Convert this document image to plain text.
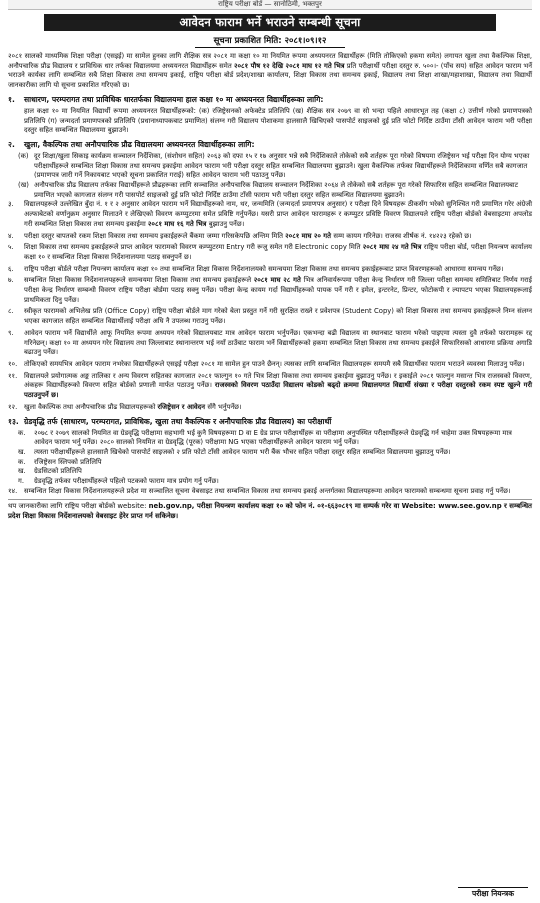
राष्ट्रिय परीक्षा बोर्ड — सानोठिमी, भक्तपुर
आवेदन फाराम भर्ने भराउने सम्बन्धी सूचना
सूचना प्रकाशित मिति: २०८१।०९।१२

२०८१ सालको माध्यमिक शिक्षा परीक्षा (एसइई) मा सामेल हुनका लागि शैक्षिक सत्र २०८१ मा कक्षा १० मा नियमित रूपमा अध्ययनरत विद्यार्थीहरू (मिति तोकिएको हकमा समेत) लगायत खुला तथा वैकल्पिक शिक्षा, अनौपचारिक प्रौढ विद्यालय र प्राविधिक धार तर्फका विद्यालयमा अध्ययनरत विद्यार्थीहरू समेत २०८१ पौष १२ देखि २०८१ माघ १२ गते भित्र प्रति परीक्षार्थी परीक्षा दस्तुर रु. ५००।- (पाँच सय) सहित आवेदन फाराम भर्ने भराउने कार्यका लागि सम्बन्धित सबै शिक्षा विकास तथा समन्वय इकाई, राष्ट्रिय परीक्षा बोर्ड प्रदेश/शाखा कार्यालय, शिक्षा विकास तथा समन्वय इकाई, विद्यालय तथा शिक्षा शाखा/महाशाखा, विद्यालय तथा विद्यार्थी जानकारीका लागि यो सूचना प्रकाशित गरिएको छ।

१.	साधारण, परम्परागत तथा प्राविधिक धारतर्फका विद्यालयमा हाल कक्षा १० मा अध्ययनरत विद्यार्थीहरूका लागि:
हाल कक्षा १० मा नियमित विद्यार्थी रूपमा अध्ययनरत विद्यार्थीहरूको: (क) रजिष्ट्रेसनको अफेक्टेड प्रतिलिपि (ख) शैक्षिक सत्र २०७९ वा सो भन्दा पहिले आधारभूत तह (कक्षा ८) उत्तीर्ण गरेको प्रमाणपत्रको प्रतिलिपि (ग) जन्मदर्ता प्रमाणपत्रको प्रतिलिपि (प्रधानाध्यापकबाट प्रमाणित) संलग्न गरी विद्यालय पोशाकमा हालसालै खिचिएको पासपोर्ट साइजको दुई प्रति फोटो निर्दिष्ट ठाउँमा टाँसी आवेदन फाराम भरी परीक्षा दस्तुर सहित सम्बन्धित विद्यालयमा बुझाउने।
२.	खुला, वैकल्पिक तथा अनौपचारिक प्रौढ विद्यालयमा अध्ययनरत विद्यार्थीहरूका लागि:
(क) दूर शिक्षा/खुला सिकाइ कार्यक्रम सञ्चालन निर्देशिका, (संशोधन सहित) २०६३ को दफा १५ र १७ अनुसार भन्ने सबै निर्देशिकाले तोकेको सबै शर्तहरू पूरा गरेको विषयमा रजिष्ट्रेसन भई परीक्षा दिन योग्य भएका परीक्षार्थीहरूले सम्बन्धित शिक्षा विकास तथा समन्वय इकाईमा आवेदन फाराम भरी परीक्षा दस्तुर सहित सम्बन्धित विद्यालयमा बुझाउने। खुला वैकल्पिक तर्फका विद्यार्थीहरूले निर्देशिकामा वर्णित सबै कागजात (प्रमाणपत्र जारी गर्ने निकायबाट भएको सूचना प्रकाशित गराई) सहित आवेदन फाराम भरी पठाउनु पर्नेछ।
(ख) अनौपचारिक प्रौढ विद्यालय तर्फका विद्यार्थीहरूले प्रौढहरूका लागि सञ्चालित अनौपचारिक विद्यालय सञ्चालन निर्देशिका २०६४ ले तोकेको सबै शर्तहरू पूरा गरेको सिफारिस सहित सम्बन्धित विद्यालयबाट प्रमाणित भएको कागजात संलग्न गरी पासपोर्ट साइजको दुई प्रति फोटो निर्दिष्ट ठाउँमा टाँसी फाराम भरी परीक्षा दस्तुर सहित सम्बन्धित विद्यालयमा बुझाउने।
३.	विद्यालयहरूले उल्लेखित बुँदा नं. १ र २ अनुसार आवेदन फाराम भर्ने विद्यार्थीहरूको नाम, थर, जन्ममिति (जन्मदर्ता प्रमाणपत्र अनुसार) र परीक्षा दिने विषयहरू ठीकसँग भरेको सुनिश्चित गरी प्रमाणित गरेर अंग्रेजी अल्फाबेटको वर्णानुक्रम अनुसार मिलाउने र लेखिएको विवरण कम्प्युटरमा समेत प्रविष्टि गर्नुपर्नेछ। यसरी प्राप्त आवेदन फारामहरू र कम्प्युटर प्रविष्टि विवरण विद्यालयले राष्ट्रिय परीक्षा बोर्डको वेबसाइटमा अपलोड गरी सम्बन्धित शिक्षा विकास तथा समन्वय इकाईमा २०८१ माघ १६ गते भित्र बुझाउनु पर्नेछ।
४.	परीक्षा दस्तुर बापतको रकम शिक्षा विकास तथा समन्वय इकाईहरूले बैंकमा जम्मा गरिसकेपछि अन्तिम मिति २०८१ माघ २० गते सम्म कायम गरिनेछ। राजस्व शीर्षक नं. १४२२३ रहेको छ।
५.	शिक्षा विकास तथा समन्वय इकाईहरूले प्राप्त आवेदन फारामको विवरण कम्प्युटरमा Entry गरी रूजु समेत गरी Electronic copy मिति २०८१ माघ २४ गते भित्र राष्ट्रिय परीक्षा बोर्ड, परीक्षा नियन्त्रण कार्यालय कक्षा १० र सम्बन्धित शिक्षा विकास निर्देशनालयमा पठाइ सक्नुपर्ने छ।
६.	राष्ट्रिय परीक्षा बोर्डले परीक्षा नियन्त्रण कार्यालय कक्षा १० तथा सम्बन्धित शिक्षा विकास निर्देशनालयको समन्वयमा शिक्षा विकास तथा समन्वय इकाईहरूबाट प्राप्त विवरणहरूको आधारमा समन्वय गर्नेछ।
७.	सम्बन्धित शिक्षा विकास निर्देशनालयहरूले समन्वयमा शिक्षा विकास तथा समन्वय इकाईहरूले २०८१ माघ २८ गते भित्र अनिवार्यरूपमा परीक्षा केन्द्र निर्धारण गरी जिल्ला परीक्षा समन्वय समितिबाट निर्णय गराई परीक्षा केन्द्र निर्धारण सम्बन्धी विवरण राष्ट्रिय परीक्षा बोर्डमा पठाइ सक्नु पर्नेछ। परीक्षा केन्द्र कायम गर्दा विद्यार्थीहरूको पायक पर्ने गरी र इमेल, इन्टरनेट, प्रिन्टर, फोटोकपी र ल्यापटप भएका विद्यालयहरूलाई प्राथमिकता दिनु पर्नेछ।
८.	स्वीकृत फारामको अभिलेख प्रति (Office Copy) राष्ट्रिय परीक्षा बोर्डले माग गरेको बेला प्रस्तुत गर्ने गरी सुरक्षित राख्ने र प्रवेशपत्र (Student Copy) को शिक्षा विकास तथा समन्वय इकाईहरूले निम्न संलग्न भएका कागजात सहित सम्बन्धित विद्यार्थीलाई परीक्षा अघि नै उपलब्ध गराउनु पर्नेछ।
९.	आवेदन फाराम भर्ने विद्यार्थीले आफू नियमित रूपमा अध्ययन गरेको विद्यालयबाट मात्र आवेदन फाराम भर्नुपर्नेछ। एकभन्दा बढी विद्यालय वा स्थानबाट फाराम भरेको पाइएमा त्यस्ता दुवै तर्फको फारामहरू रद्द गरिनेछन्। कक्षा १० मा अध्ययन गरेर विद्यालय तथा जिल्लाबाट स्थानान्तरण भई नयाँ ठाउँबाट फाराम भर्ने विद्यार्थीहरूको हकमा सम्बन्धित शिक्षा विकास तथा समन्वय इकाईले सिफारिसको आधारमा प्रक्रिया अगाडि बढाउनु पर्नेछ।
१०. तोकिएको समयभित्र आवेदन फाराम नभरेका विद्यार्थीहरूले एसइई परीक्षा २०८१ मा सामेल हुन पाउने छैनन्। त्यसका लागि सम्बन्धित विद्यालयहरू समयमै सबै विद्यार्थीका फाराम भराउने व्यवस्था मिलाउनु पर्नेछ।
११. विद्यालयले प्रयोगात्मक अङ्क तालिका र अन्य विवरण सहितका कागजात २०८१ फाल्गुन १० गते भित्र शिक्षा विकास तथा समन्वय इकाईमा बुझाउनु पर्नेछ। र इकाईले २०८१ फाल्गुन मसान्त भित्र राजस्वको विवरण, अंकहरू विद्यार्थीहरूको विवरण सहित बोर्डको प्रणाली मार्फत पठाउनु पर्नेछ। राजस्वको विवरण पठाउँदा विद्यालय कोडको बढ्दो क्रममा विद्यालयगत विद्यार्थी संख्या र परीक्षा दस्तुरको रकम स्पष्ट खुल्ने गरी पठाउनुपर्ने छ।
१२. खुला वैकल्पिक तथा अनौपचारिक प्रौढ विद्यालयहरूको रजिष्ट्रेसन र आवेदन सँगै भर्नुपर्नेछ।
१३. ग्रेडवृद्धि तर्फ (साधारण, परम्परागत, प्राविधिक, खुला तथा वैकल्पिक र अनौपचारिक प्रौढ विद्यालय) का परीक्षार्थी
क.	२०७८ र २०७९ सालको नियमित वा ग्रेडवृद्धि परीक्षामा सहभागी भई कुनै विषयहरूमा D वा E ग्रेड प्राप्त परीक्षार्थीहरू वा परीक्षामा अनुपस्थित परीक्षार्थीहरूले ग्रेडवृद्धि गर्न चाहेमा उक्त विषयहरूमा मात्र आवेदन फाराम भर्नु पर्नेछ। २०८० सालको नियमित वा ग्रेडवृद्धि (पूरक) परीक्षामा NG भएका परीक्षार्थीहरूले आवेदन फाराम भर्नु पर्नेछ।
ख.	त्यस्ता परीक्षार्थीहरूले हालसालै खिचेको पासपोर्ट साइजको २ प्रति फोटो टाँसी आवेदन फाराम भरी बैंक भौचर सहित परीक्षा दस्तुर सहित सम्बन्धित विद्यालयमा बुझाउनु पर्नेछ।
क.	रजिष्ट्रेसन स्लिपको प्रतिलिपि
ख.	ग्रेडसिटको प्रतिलिपि
ग.	ग्रेडवृद्धि तर्फका परीक्षार्थीहरूले पहिलो पटकको फाराम मात्र प्रयोग गर्नु पर्नेछ।
१४. सम्बन्धित शिक्षा विकास निर्देशनालयहरूले प्रदेश मा सञ्चालित सूचना वेबसाइट तथा सम्बन्धित विकास तथा समन्वय इकाई अन्तर्गतका विद्यालयहरूमा आवेदन फारामको सम्बन्धमा सूचना प्रवाह गर्नु पर्नेछ।
थप जानकारीका लागि राष्ट्रिय परीक्षा बोर्डको website: neb.gov.np, परीक्षा नियन्त्रण कार्यालय कक्षा १० को फोन नं. ०१-६६३०८१९ मा सम्पर्क गरेर वा Website: www.see.gov.np र सम्बन्धित प्रदेश शिक्षा विकास निर्देशनालयको वेबसाइट हेरेर प्राप्त गर्न सकिनेछ।
परीक्षा नियन्त्रक
